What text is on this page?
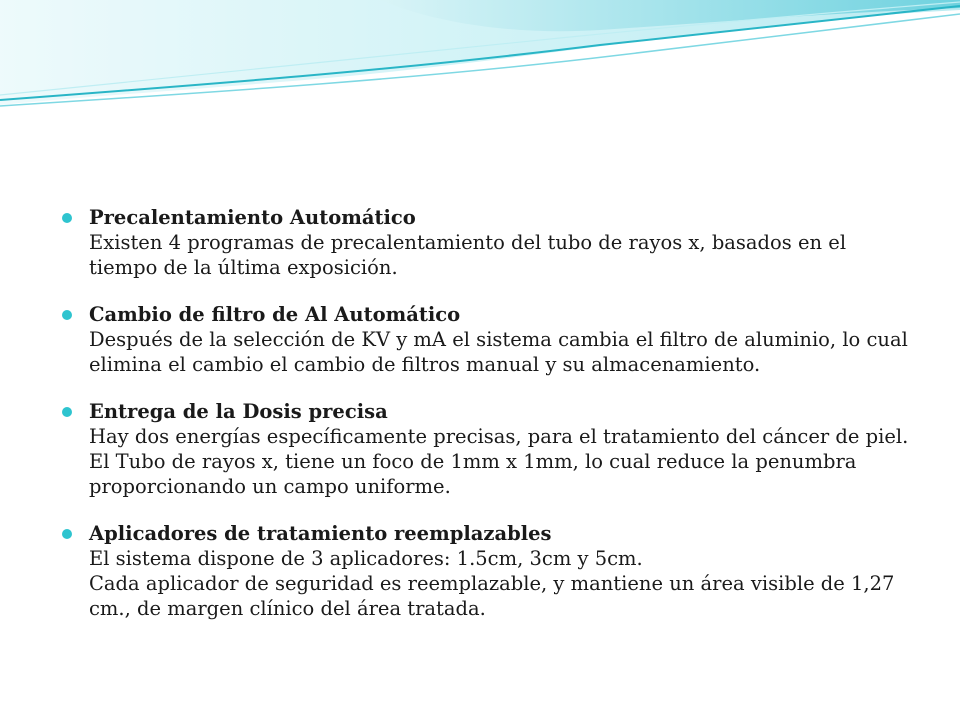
Precalentamiento Automático
Existen 4 programas de precalentamiento del tubo de rayos x, basados en el tiempo de la última exposición.
Cambio de filtro de Al Automático
Después de la selección de KV y mA el sistema cambia el filtro de aluminio, lo cual elimina el cambio el cambio de filtros manual y su almacenamiento.
Entrega de la Dosis precisa
Hay dos energías específicamente precisas, para el tratamiento del cáncer de piel. El Tubo de rayos x, tiene un foco de 1mm x 1mm, lo cual reduce la penumbra proporcionando un campo uniforme.
Aplicadores de tratamiento reemplazables
El sistema dispone de 3 aplicadores: 1.5cm, 3cm y 5cm.
Cada aplicador de seguridad es reemplazable, y mantiene un área visible de 1,27 cm., de margen clínico del área tratada.
